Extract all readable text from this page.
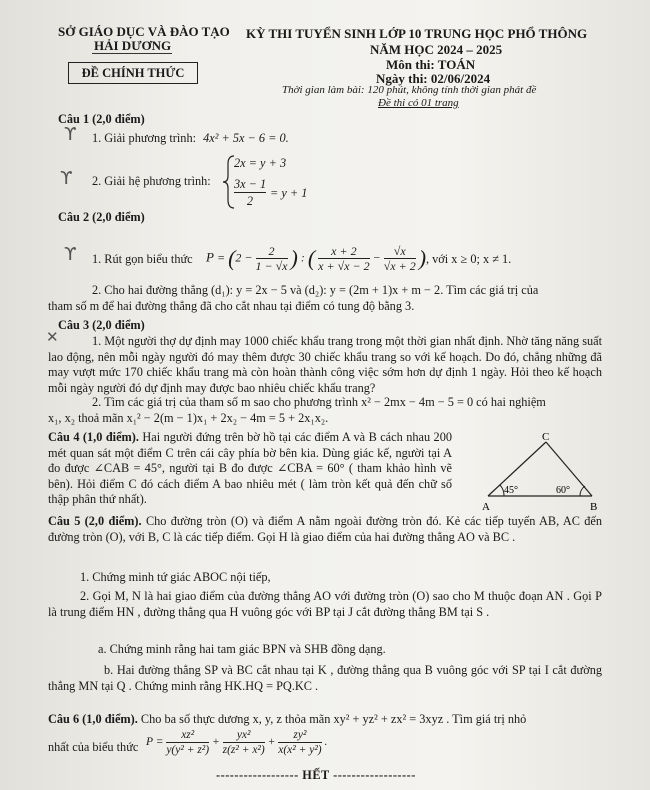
SỞ GIÁO DỤC VÀ ĐÀO TẠO
HẢI DƯƠNG
ĐỀ CHÍNH THỨC
KỲ THI TUYỂN SINH LỚP 10 TRUNG HỌC PHỔ THÔNG
NĂM HỌC 2024 – 2025
Môn thi: TOÁN
Ngày thi: 02/06/2024
Thời gian làm bài: 120 phút, không tính thời gian phát đề
Đề thi có 01 trang
Câu 1 (2,0 điểm)
ϒ 1. Giải phương trình: 4x² + 5x − 6 = 0.
ϒ 2. Giải hệ phương trình:
2x = y + 3
3x − 1
2
= y + 1
Câu 2 (2,0 điểm)
ϒ 1. Rút gọn biểu thức $P = (2 - \frac{2}{1 - √x}$ ) : ( $\frac{x + 2}{x + √x - 2} - \frac{√x}{√x + 2}$ ) , với x ≥ 0; x ≠ 1.
2. Cho hai đường thẳng (d₁): y = 2x − 5 và (d₂): y = (2m + 1)x + m − 2. Tìm các giá trị của
tham số m để hai đường thẳng đã cho cắt nhau tại điểm có tung độ bằng 3.
Câu 3 (2,0 điểm)
✕	1. Một người thợ dự định may 1000 chiếc khẩu trang trong một thời gian nhất định. Nhờ tăng năng suất lao động, nên mỗi ngày người đó may thêm được 30 chiếc khẩu trang so với kế hoạch. Do đó, chẳng những đã may vượt mức 170 chiếc khẩu trang mà còn hoàn thành công việc sớm hơn dự định 1 ngày. Hỏi theo kế hoạch mỗi ngày người đó dự định may được bao nhiêu chiếc khẩu trang?
2. Tìm các giá trị của tham số m sao cho phương trình x² − 2mx − 4m − 5 = 0 có hai nghiệm
x₁, x₂ thoả mãn x₁² − 2(m − 1)x₁ + 2x₂ − 4m = 5 + 2x₁x₂.
Câu 4 (1,0 điểm). Hai người đứng trên bờ hồ tại các điểm A và B cách nhau 200 mét quan sát một điểm C trên cái cây phía bờ bên kia. Dùng giác kế, người tại A đo được ∠CAB = 45°, người tại B đo được ∠CBA = 60° ( tham khảo hình vẽ bên). Hỏi điểm C đó cách điểm A bao nhiêu mét ( làm tròn kết quả đến chữ số thập phân thứ nhất).
C
A	B
45°	60°
Câu 5 (2,0 điểm). Cho đường tròn (O) và điểm A nằm ngoài đường tròn đó. Kẻ các tiếp tuyến AB, AC đến đường tròn (O), với B, C là các tiếp điểm. Gọi H là giao điểm của hai đường thẳng AO và BC .
1. Chứng minh tứ giác ABOC nội tiếp,
2. Gọi M, N là hai giao điểm của đường thẳng AO với đường tròn (O) sao cho M thuộc đoạn AN . Gọi P là trung điểm HN , đường thẳng qua H vuông góc với BP tại J cắt đường thẳng BM tại S .
a. Chứng minh rằng hai tam giác BPN và SHB đồng dạng.
b. Hai đường thẳng SP và BC cắt nhau tại K , đường thẳng qua B vuông góc với SP tại I cắt đường thẳng MN tại Q . Chứng minh rằng HK.HQ = PQ.KC .
Câu 6 (1,0 điểm). Cho ba số thực dương x, y, z thỏa mãn xy² + yz² + zx² = 3xyz . Tìm giá trị nhỏ
nhất của biểu thức $P = \frac{\text{xz²}}{\text{y(y² + z²)}} + \frac{\text{yx²}}{\text{z(z² + x²)}} + \frac{\text{zy²}}{\text{x(x² + y²)}}$ .
------------------ HẾT ------------------
